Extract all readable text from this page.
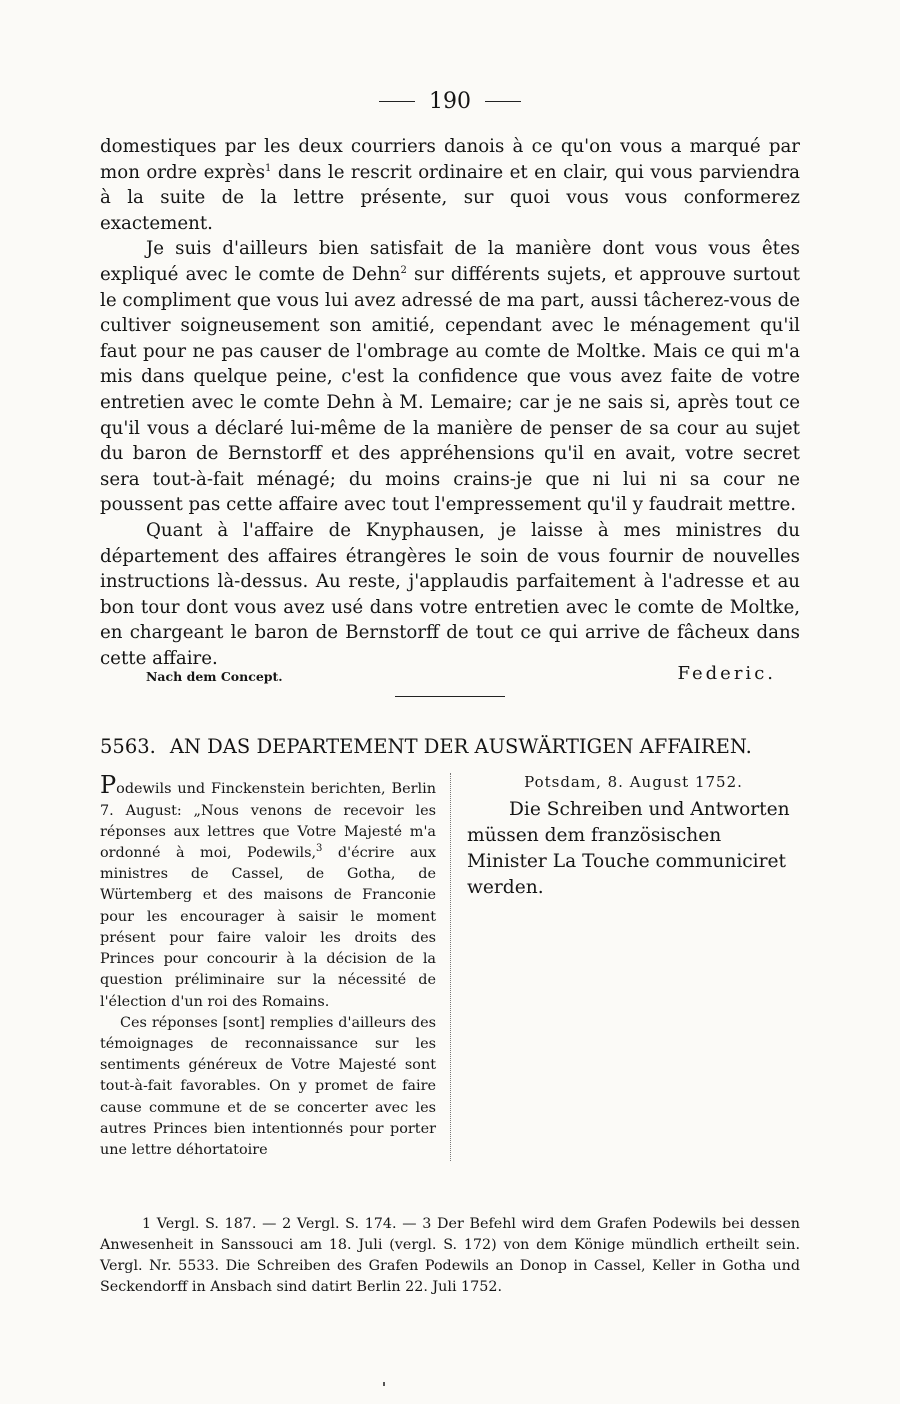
190

domestiques par les deux courriers danois à ce qu'on vous a marqué par mon ordre exprès$^1$ dans le rescrit ordinaire et en clair, qui vous parviendra à la suite de la lettre présente, sur quoi vous vous conformerez exactement.

Je suis d'ailleurs bien satisfait de la manière dont vous vous êtes expliqué avec le comte de Dehn$^2$ sur différents sujets, et approuve surtout le compliment que vous lui avez adressé de ma part, aussi tâcherez-vous de cultiver soigneusement son amitié, cependant avec le ménagement qu'il faut pour ne pas causer de l'ombrage au comte de Moltke. Mais ce qui m'a mis dans quelque peine, c'est la confidence que vous avez faite de votre entretien avec le comte Dehn à M. Lemaire; car je ne sais si, après tout ce qu'il vous a déclaré lui-même de la manière de penser de sa cour au sujet du baron de Bernstorff et des appréhensions qu'il en avait, votre secret sera tout-à-fait ménagé; du moins crains-je que ni lui ni sa cour ne poussent pas cette affaire avec tout l'empressement qu'il y faudrait mettre.

Quant à l'affaire de Knyphausen, je laisse à mes ministres du département des affaires étrangères le soin de vous fournir de nouvelles instructions là-dessus. Au reste, j'applaudis parfaitement à l'adresse et au bon tour dont vous avez usé dans votre entretien avec le comte de Moltke, en chargeant le baron de Bernstorff de tout ce qui arrive de fâcheux dans cette affaire.

Nach dem Concept.	Federic.
5563. AN DAS DEPARTEMENT DER AUSWÄRTIGEN AFFAIREN.

Podewils und Finckenstein berichten, Berlin 7. August: „Nous venons de recevoir les réponses aux lettres que Votre Majesté m'a ordonné à moi, Podewils,$^3$ d'écrire aux ministres de Cassel, de Gotha, de Würtemberg et des maisons de Franconie pour les encourager à saisir le moment présent pour faire valoir les droits des Princes pour concourir à la décision de la question préliminaire sur la nécessité de l'élection d'un roi des Romains.

Ces réponses [sont] remplies d'ailleurs des témoignages de reconnaissance sur les sentiments généreux de Votre Majesté sont tout-à-fait favorables. On y promet de faire cause commune et de se concerter avec les autres Princes bien intentionnés pour porter une lettre déhortatoire

Potsdam, 8. August 1752.

Die Schreiben und Antworten müssen dem französischen Minister La Touche communiciret werden.

1 Vergl. S. 187. — 2 Vergl. S. 174. — 3 Der Befehl wird dem Grafen Podewils bei dessen Anwesenheit in Sanssouci am 18. Juli (vergl. S. 172) von dem Könige mündlich ertheilt sein. Vergl. Nr. 5533. Die Schreiben des Grafen Podewils an Donop in Cassel, Keller in Gotha und Seckendorff in Ansbach sind datirt Berlin 22. Juli 1752.
